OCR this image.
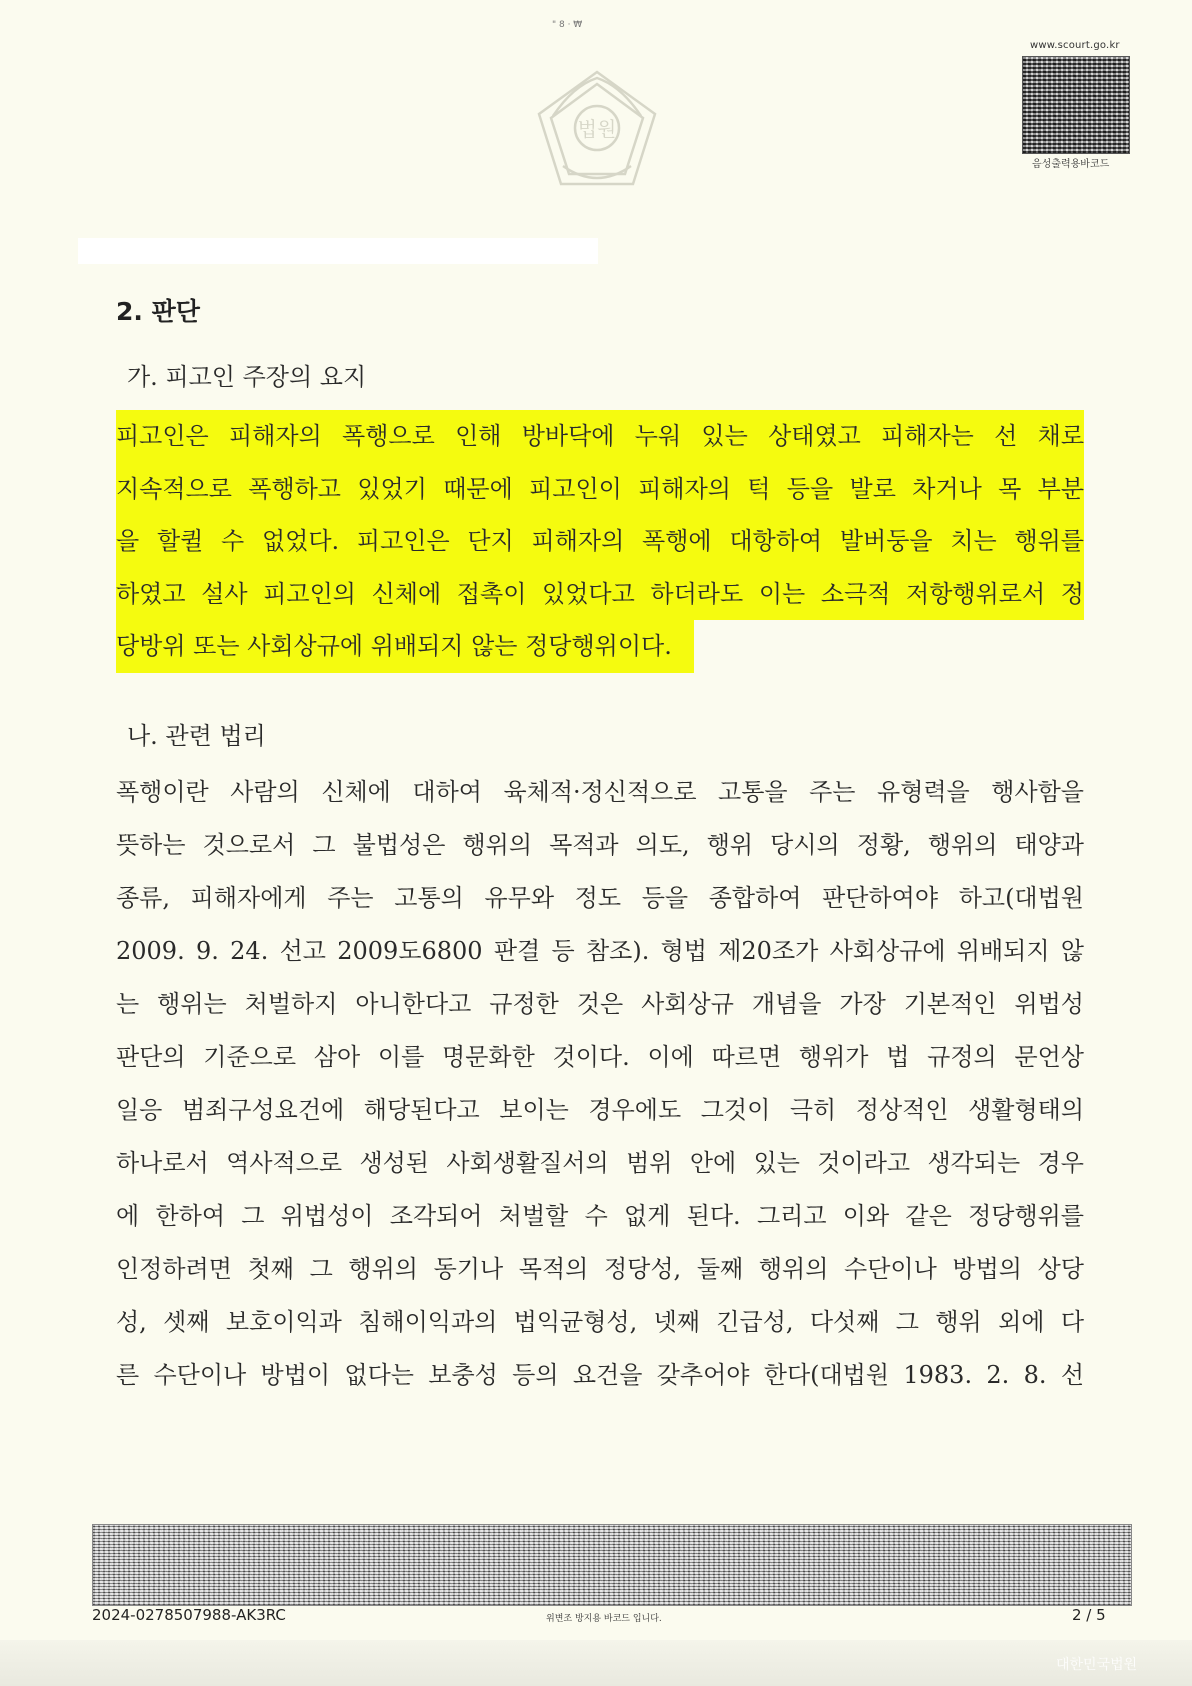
" 8 · ₩
법원
www.scourt.go.kr
음성출력용바코드
2. 판단
가. 피고인 주장의 요지
피고인은 피해자의 폭행으로 인해 방바닥에 누워 있는 상태였고 피해자는 선 채로
지속적으로 폭행하고 있었기 때문에 피고인이 피해자의 턱 등을 발로 차거나 목 부분
을 할퀼 수 없었다. 피고인은 단지 피해자의 폭행에 대항하여 발버둥을 치는 행위를
하였고 설사 피고인의 신체에 접촉이 있었다고 하더라도 이는 소극적 저항행위로서 정
당방위 또는 사회상규에 위배되지 않는 정당행위이다.
나. 관련 법리
폭행이란 사람의 신체에 대하여 육체적·정신적으로 고통을 주는 유형력을 행사함을
뜻하는 것으로서 그 불법성은 행위의 목적과 의도, 행위 당시의 정황, 행위의 태양과
종류, 피해자에게 주는 고통의 유무와 정도 등을 종합하여 판단하여야 하고(대법원
2009. 9. 24. 선고 2009도6800 판결 등 참조). 형법 제20조가 사회상규에 위배되지 않
는 행위는 처벌하지 아니한다고 규정한 것은 사회상규 개념을 가장 기본적인 위법성
판단의 기준으로 삼아 이를 명문화한 것이다. 이에 따르면 행위가 법 규정의 문언상
일응 범죄구성요건에 해당된다고 보이는 경우에도 그것이 극히 정상적인 생활형태의
하나로서 역사적으로 생성된 사회생활질서의 범위 안에 있는 것이라고 생각되는 경우
에 한하여 그 위법성이 조각되어 처벌할 수 없게 된다. 그리고 이와 같은 정당행위를
인정하려면 첫째 그 행위의 동기나 목적의 정당성, 둘째 행위의 수단이나 방법의 상당
성, 셋째 보호이익과 침해이익과의 법익균형성, 넷째 긴급성, 다섯째 그 행위 외에 다
른 수단이나 방법이 없다는 보충성 등의 요건을 갖추어야 한다(대법원 1983. 2. 8. 선
2024-0278507988-AK3RC	위변조 방지용 바코드 입니다.	2 / 5
대한민국법원
